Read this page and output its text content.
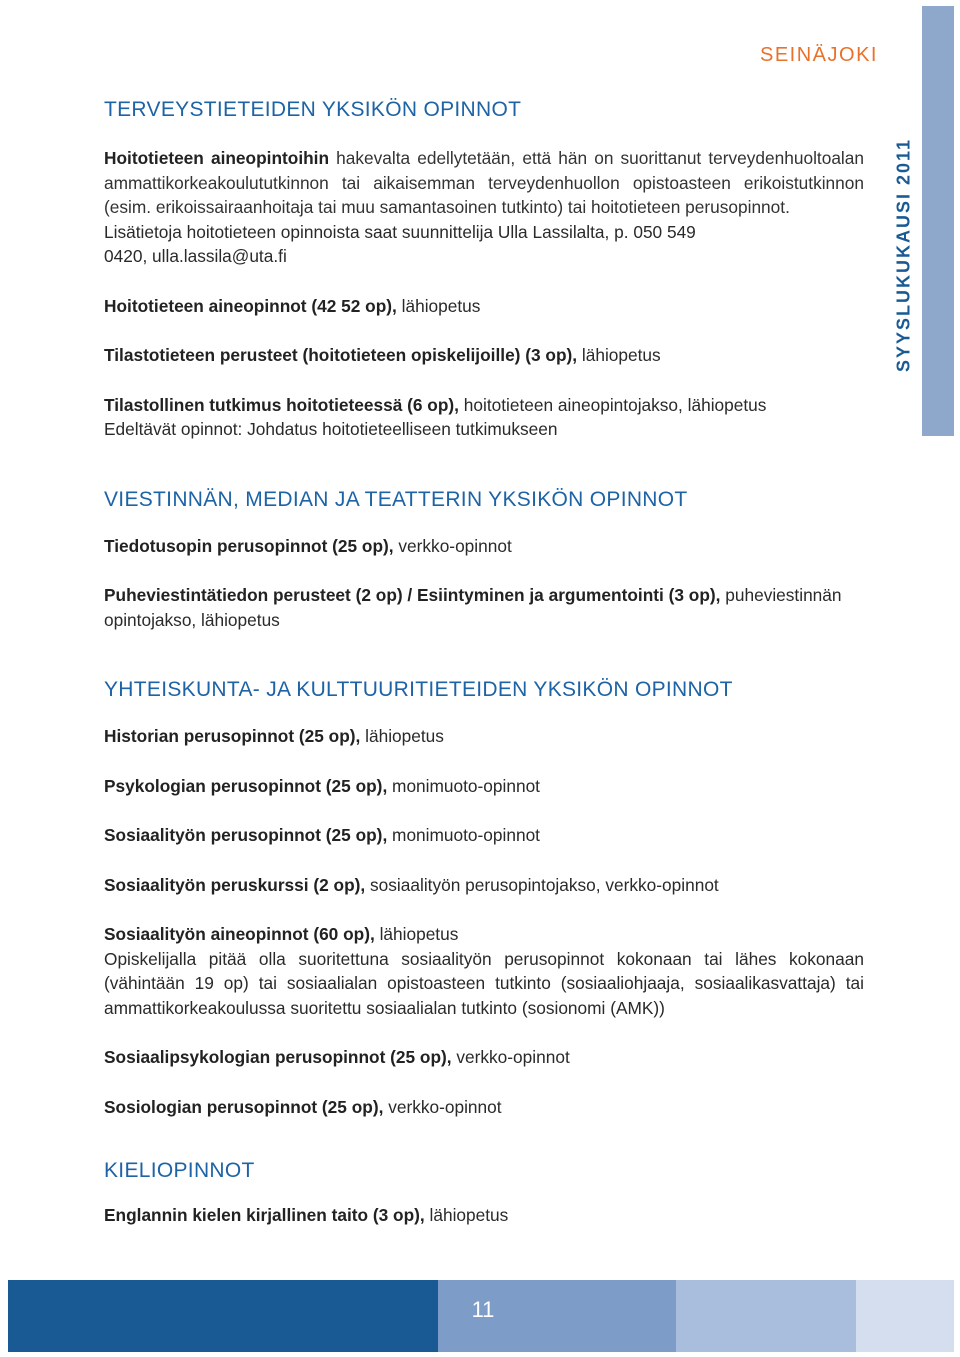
SEINÄJOKI
SYYSLUKUKAUSI 2011
TERVEYSTIETEIDEN YKSIKÖN OPINNOT

Hoitotieteen aineopintoihin hakevalta edellytetään, että hän on suorittanut terveydenhuoltoalan ammattikorkeakoulututkinnon tai aikaisemman terveydenhuollon opistoasteen erikoistutkinnon (esim. erikoissairaanhoitaja tai muu samantasoinen tutkinto) tai hoitotieteen perusopinnot.

Lisätietoja hoitotieteen opinnoista saat suunnittelija Ulla Lassilalta, p. 050 549 0420, ulla.lassila@uta.fi

Hoitotieteen aineopinnot (42 52 op), lähiopetus

Tilastotieteen perusteet (hoitotieteen opiskelijoille) (3 op), lähiopetus

Tilastollinen tutkimus hoitotieteessä (6 op), hoitotieteen aineopintojakso, lähiopetus

Edeltävät opinnot: Johdatus hoitotieteelliseen tutkimukseen

VIESTINNÄN, MEDIAN JA TEATTERIN YKSIKÖN OPINNOT

Tiedotusopin perusopinnot (25 op), verkko-opinnot

Puheviestintätiedon perusteet (2 op) / Esiintyminen ja argumentointi (3 op), puheviestinnän opintojakso, lähiopetus

YHTEISKUNTA- JA KULTTUURITIETEIDEN YKSIKÖN OPINNOT

Historian perusopinnot (25 op), lähiopetus

Psykologian perusopinnot (25 op), monimuoto-opinnot

Sosiaalityön perusopinnot (25 op), monimuoto-opinnot

Sosiaalityön peruskurssi (2 op), sosiaalityön perusopintojakso, verkko-opinnot

Sosiaalityön aineopinnot (60 op), lähiopetus

Opiskelijalla pitää olla suoritettuna sosiaalityön perusopinnot kokonaan tai lähes kokonaan (vähintään 19 op) tai sosiaalialan opistoasteen tutkinto (sosiaaliohjaaja, sosiaalikasvattaja) tai ammattikorkeakoulussa suoritettu sosiaalialan tutkinto (sosionomi (AMK))

Sosiaalipsykologian perusopinnot (25 op), verkko-opinnot

Sosiologian perusopinnot (25 op), verkko-opinnot

KIELIOPINNOT

Englannin kielen kirjallinen taito (3 op), lähiopetus

11
